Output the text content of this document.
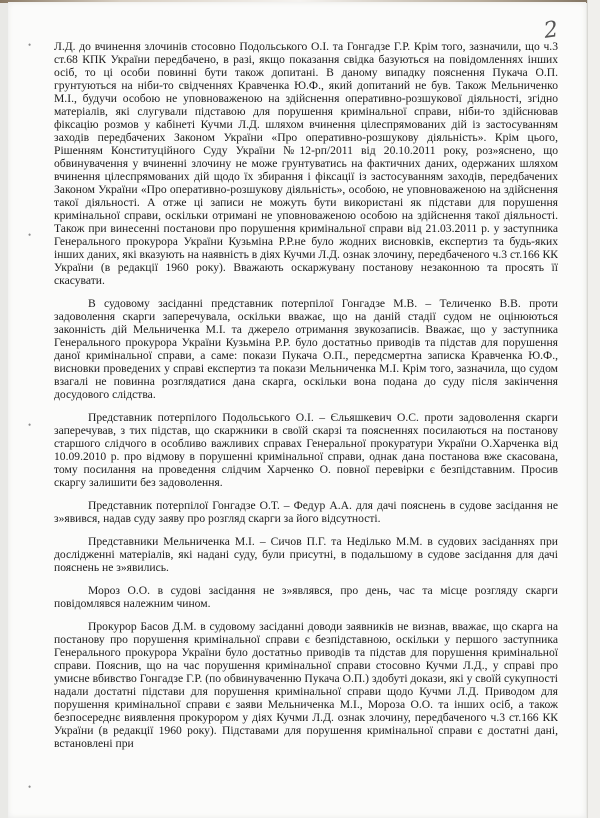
•
•
•
•
2

Л.Д. до вчинення злочинів стосовно Подольського О.І. та Гонгадзе Г.Р. Крім того, зазначили, що ч.3 ст.68 КПК України передбачено, в разі, якщо показання свідка базуються на повідомленнях інших осіб, то ці особи повинні бути також допитані. В даному випадку пояснення Пукача О.П. грунтуються на ніби-то свідченнях Кравченка Ю.Ф., який допитаний не був. Також Мельниченко М.І., будучи особою не уповноваженою на здійснення оперативно-розшукової діяльності, згідно матеріалів, які слугували підставою для порушення кримінальної справи, ніби-то здійснював фіксацію розмов у кабінеті Кучми Л.Д. шляхом вчинення цілеспрямованих дій із застосуванням заходів передбачених Законом України «Про оперативно-розшукову діяльність». Крім цього, Рішенням Конституційного Суду України №12-рп/2011 від 20.10.2011 року, роз»яснено, що обвинувачення у вчиненні злочину не може грунтуватись на фактичних даних, одержаних шляхом вчинення цілеспрямованих дій щодо їх збирання і фіксації із застосуванням заходів, передбачених Законом України «Про оперативно-розшукову діяльність», особою, не уповноваженою на здійснення такої діяльності. А отже ці записи не можуть бути використані як підстави для порушення кримінальної справи, оскільки отримані не уповноваженою особою на здійснення такої діяльності. Також при винесенні постанови про порушення кримінальної справи від 21.03.2011 р. у заступника Генерального прокурора України Кузьміна Р.Р.не було жодних висновків, експертиз та будь-яких інших даних, які вказують на наявність в діях Кучми Л.Д. ознак злочину, передбаченого ч.3 ст.166 КК України (в редакції 1960 року). Вважають оскаржувану постанову незаконною та просять її скасувати.

В судовому засіданні представник потерпілої Гонгадзе М.В. – Теличенко В.В. проти задоволення скарги заперечувала, оскільки вважає, що на даній стадії судом не оцінюються законність дій Мельниченка М.І. та джерело отримання звукозаписів. Вважає, що у заступника Генерального прокурора України Кузьміна Р.Р. було достатньо приводів та підстав для порушення даної кримінальної справи, а саме: покази Пукача О.П., передсмертна записка Кравченка Ю.Ф., висновки проведених у справі експертиз та покази Мельниченка М.І. Крім того, зазначила, що судом взагалі не повинна розглядатися дана скарга, оскільки вона подана до суду після закінчення досудового слідства.

Представник потерпілого Подольського О.І. – Єльяшкевич О.С. проти задоволення скарги заперечував, з тих підстав, що скаржники в своїй скарзі та поясненнях посилаються на постанову старшого слідчого в особливо важливих справах Генеральної прокуратури України О.Харченка від 10.09.2010 р. про відмову в порушенні кримінальної справи, однак дана постанова вже скасована, тому посилання на проведення слідчим Харченко О. повної перевірки є безпідставним. Просив скаргу залишити без задоволення.

Представник потерпілої Гонгадзе О.Т. – Федур А.А. для дачі пояснень в судове засідання не з»явився, надав суду заяву про розгляд скарги за його відсутності.

Представники Мельниченка М.І. – Сичов П.Г. та Неділько М.М. в судових засіданнях при дослідженні матеріалів, які надані суду, були присутні, в подальшому в судове засідання для дачі пояснень не з»явились.

Мороз О.О. в судові засідання не з»являвся, про день, час та місце розгляду скарги повідомлявся належним чином.

Прокурор Басов Д.М. в судовому засіданні доводи заявників не визнав, вважає, що скарга на постанову про порушення кримінальної справи є безпідставною, оскільки у першого заступника Генерального прокурора України було достатньо приводів та підстав для порушення кримінальної справи. Пояснив, що на час порушення кримінальної справи стосовно Кучми Л.Д., у справі про умисне вбивство Гонгадзе Г.Р. (по обвинуваченню Пукача О.П.) здобуті докази, які у своїй сукупності надали достатні підстави для порушення кримінальної справи щодо Кучми Л.Д. Приводом для порушення кримінальної справи є заяви Мельниченка М.І., Мороза О.О. та інших осіб, а також безпосереднє виявлення прокурором у діях Кучми Л.Д. ознак злочину, передбаченого ч.3 ст.166 КК України (в редакції 1960 року). Підставами для порушення кримінальної справи є достатні дані, встановлені при
